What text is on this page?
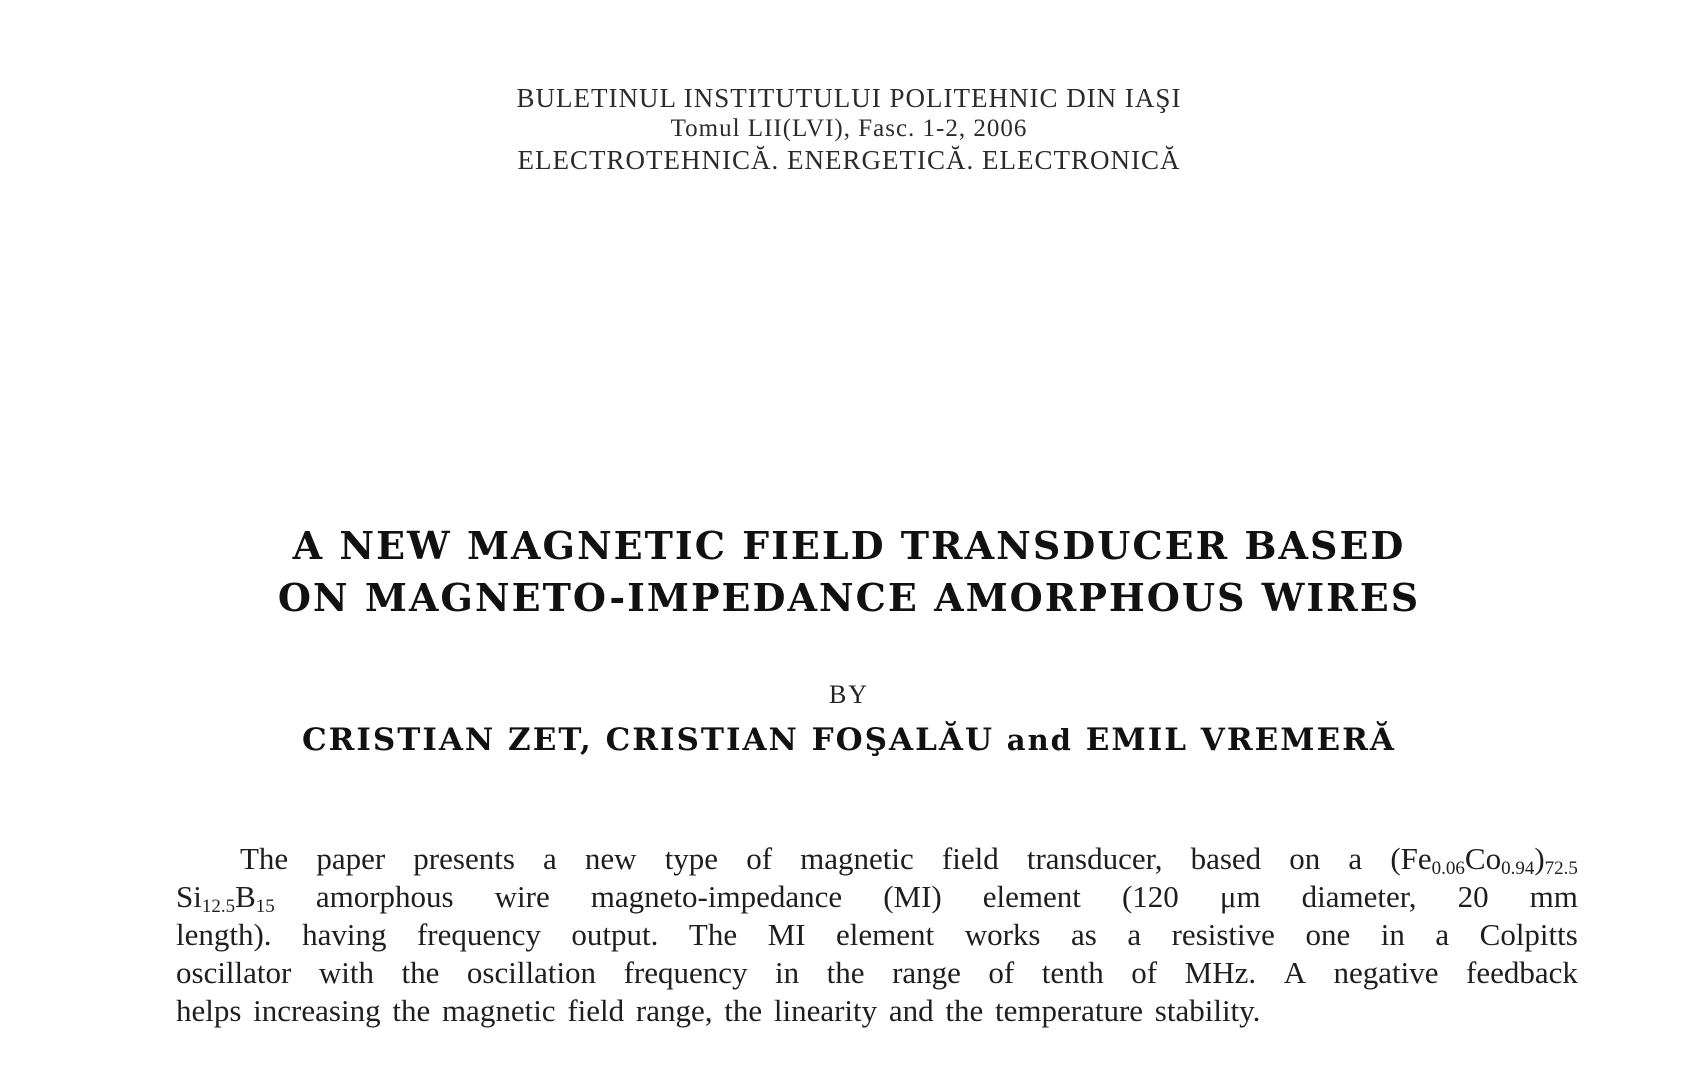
BULETINUL INSTITUTULUI POLITEHNIC DIN IAŞI
Tomul LII(LVI), Fasc. 1-2, 2006
ELECTROTEHNICĂ. ENERGETICĂ. ELECTRONICĂ
A NEW MAGNETIC FIELD TRANSDUCER BASED
ON MAGNETO-IMPEDANCE AMORPHOUS WIRES
BY
CRISTIAN ZET, CRISTIAN FOŞALĂU and EMIL VREMERĂ
The paper presents a new type of magnetic field transducer, based on a $(Fe_{0.06}Co_{0.94})_{72.5}$
$Si_{12.5}B_{15}$ amorphous wire magneto-impedance (MI) element (120 μm diameter, 20 mm
length). having frequency output. The MI element works as a resistive one in a Colpitts
oscillator with the oscillation frequency in the range of tenth of MHz. A negative feedback
helps increasing the magnetic field range, the linearity and the temperature stability.
